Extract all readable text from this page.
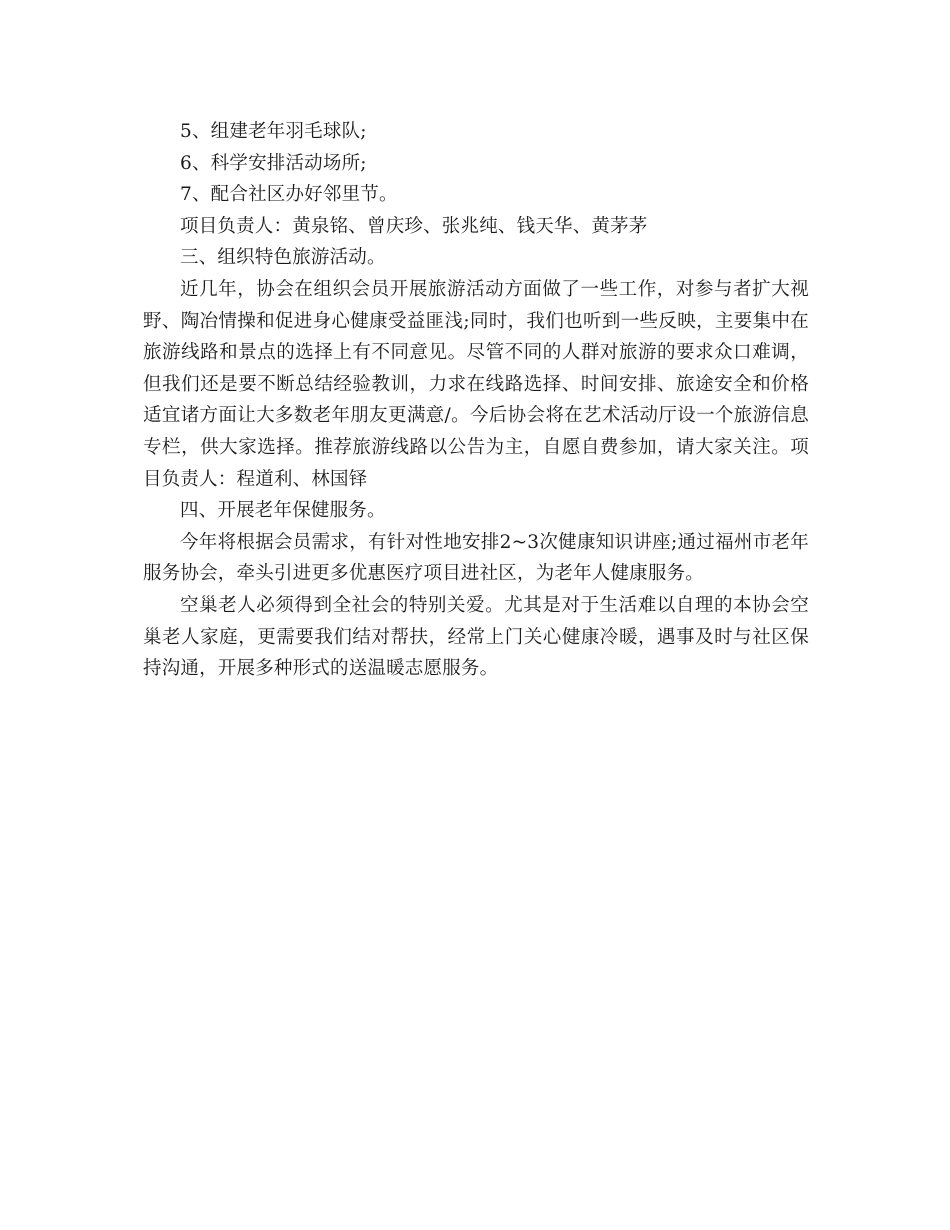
5、组建老年羽毛球队;

6、科学安排活动场所;

7、配合社区办好邻里节。

项目负责人：黄泉铭、曾庆珍、张兆纯、钱天华、黄茅茅

三、组织特色旅游活动。

近几年，协会在组织会员开展旅游活动方面做了一些工作，对参与者扩大视野、陶冶情操和促进身心健康受益匪浅;同时，我们也听到一些反映，主要集中在旅游线路和景点的选择上有不同意见。尽管不同的人群对旅游的要求众口难调，但我们还是要不断总结经验教训，力求在线路选择、时间安排、旅途安全和价格适宜诸方面让大多数老年朋友更满意/。今后协会将在艺术活动厅设一个旅游信息专栏，供大家选择。推荐旅游线路以公告为主，自愿自费参加，请大家关注。项目负责人：程道利、林国铎

四、开展老年保健服务。

今年将根据会员需求，有针对性地安排2~3次健康知识讲座;通过福州市老年服务协会，牵头引进更多优惠医疗项目进社区，为老年人健康服务。

空巢老人必须得到全社会的特别关爱。尤其是对于生活难以自理的本协会空巢老人家庭，更需要我们结对帮扶，经常上门关心健康冷暖，遇事及时与社区保持沟通，开展多种形式的送温暖志愿服务。
